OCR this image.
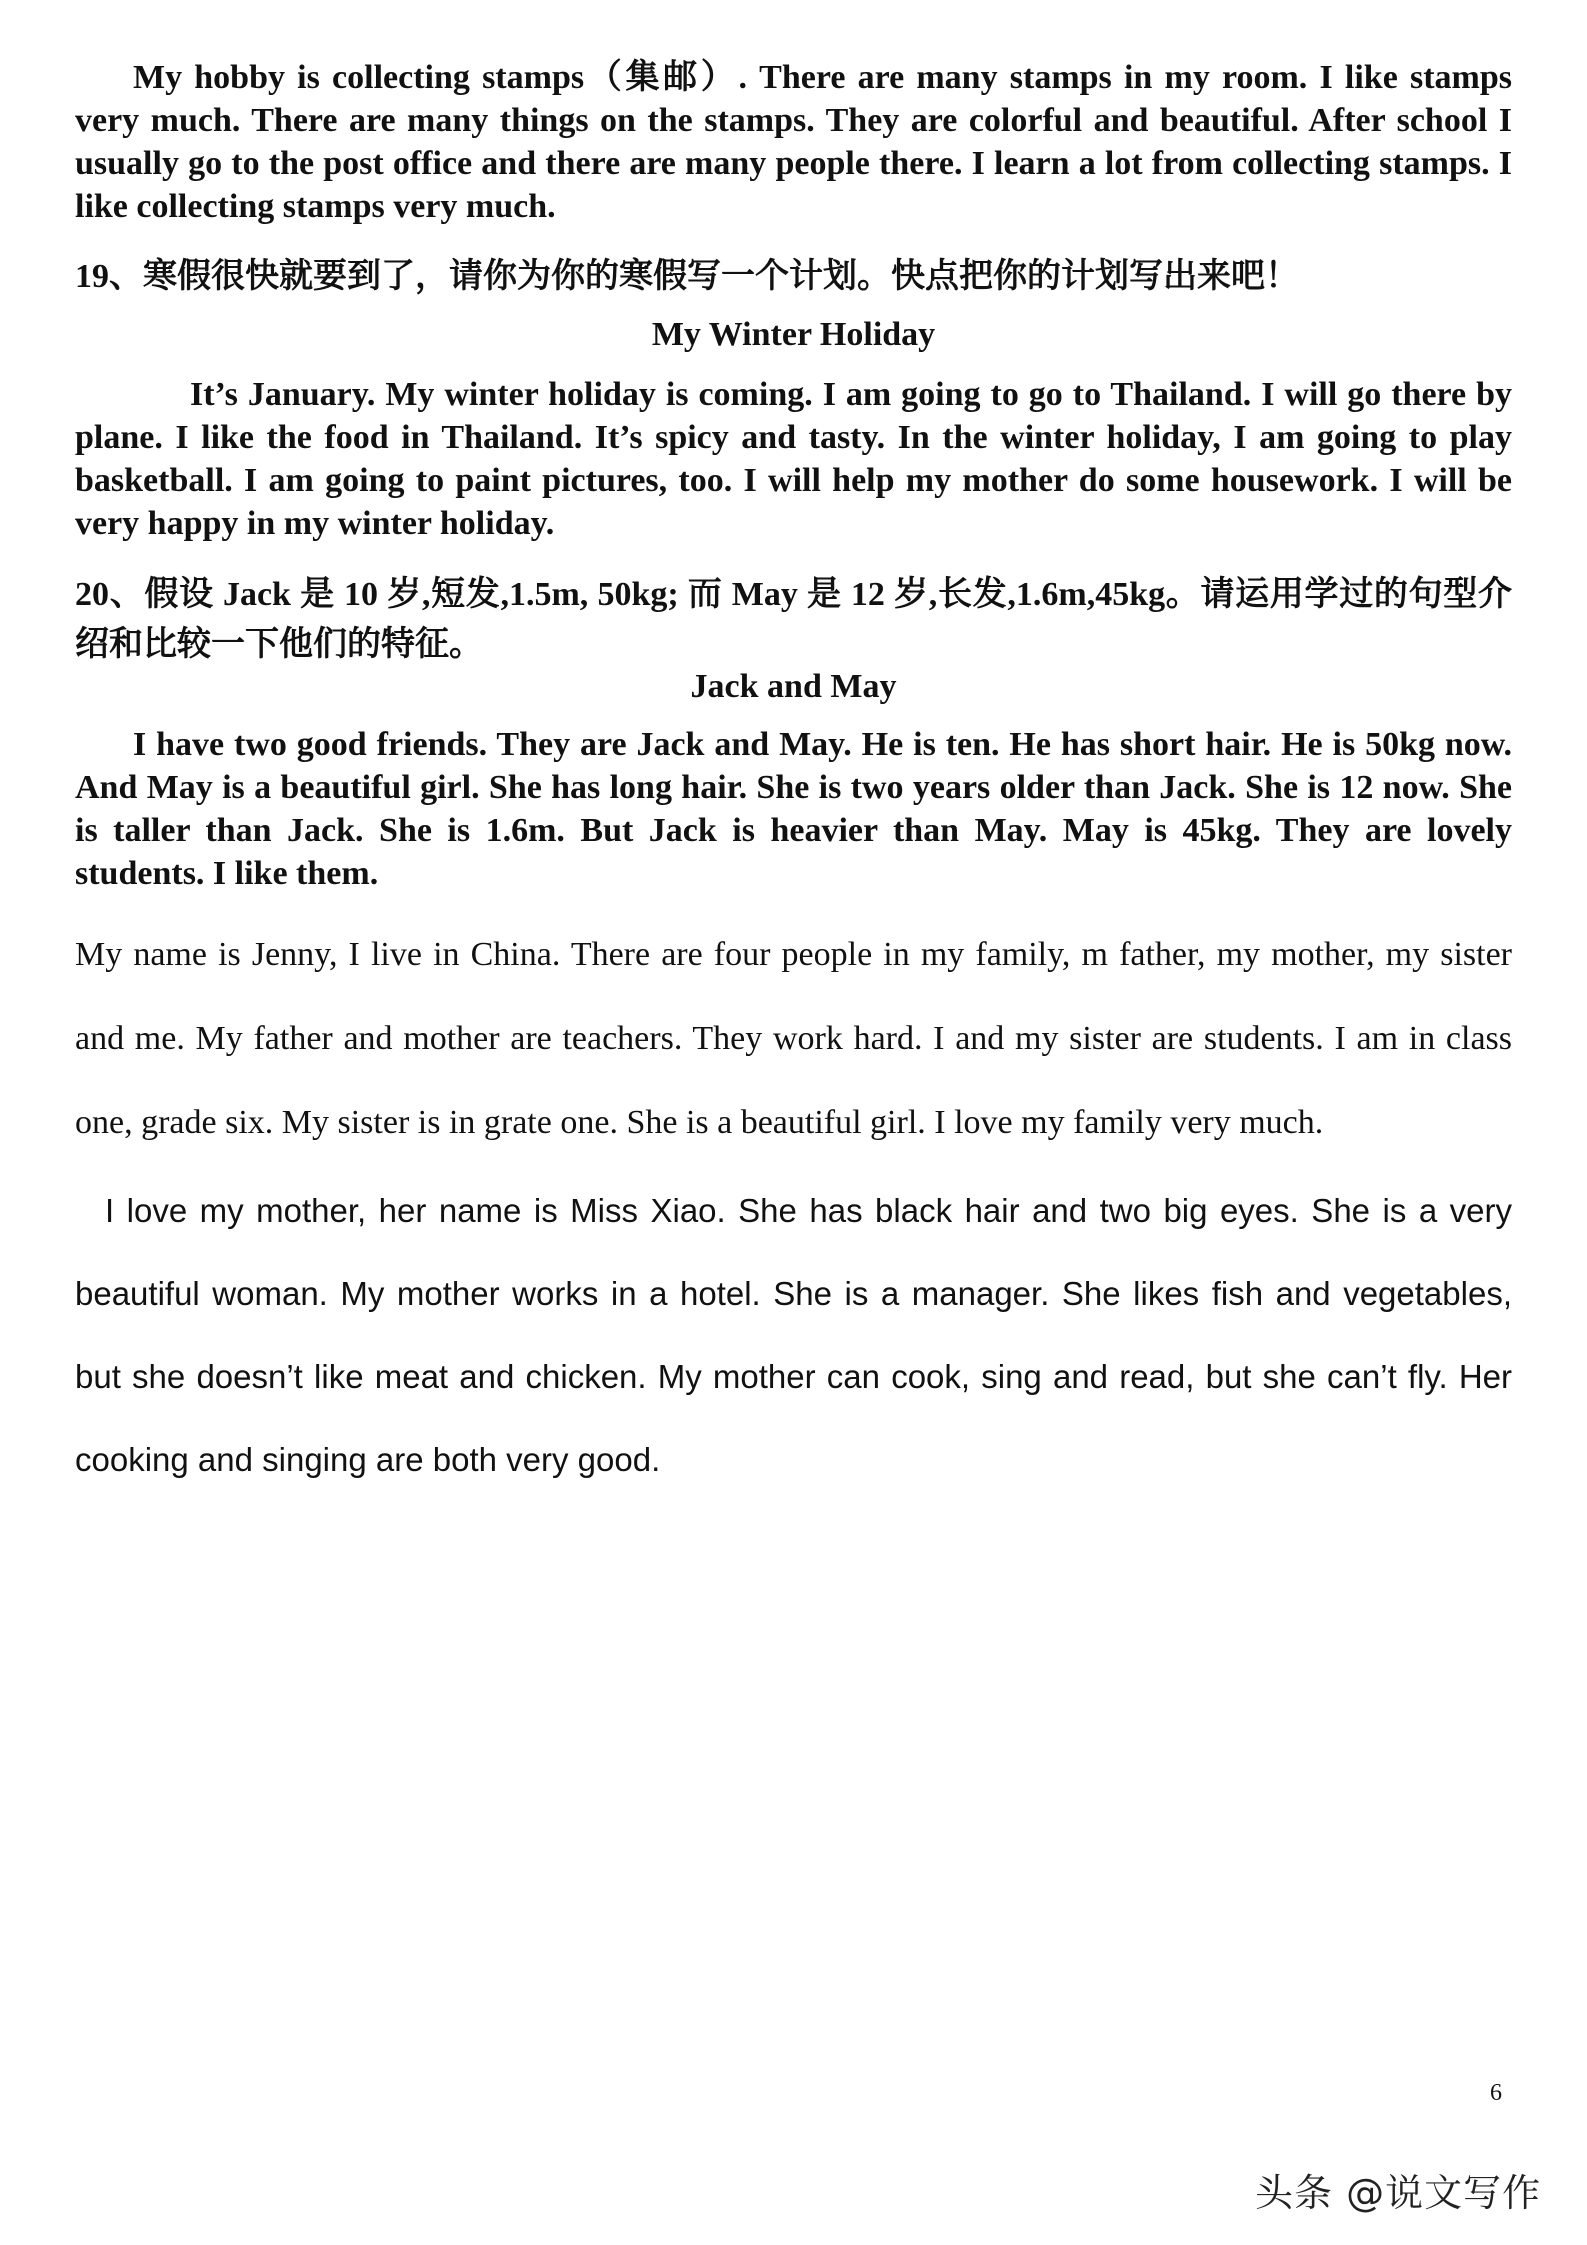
My hobby is collecting stamps（集邮）. There are many stamps in my room. I like stamps very much. There are many things on the stamps. They are colorful and beautiful. After school I usually go to the post office and there are many people there. I learn a lot from collecting stamps. I like collecting stamps very much.

19、寒假很快就要到了，请你为你的寒假写一个计划。快点把你的计划写出来吧！

My Winter Holiday

It’s January. My winter holiday is coming. I am going to go to Thailand. I will go there by plane. I like the food in Thailand. It’s spicy and tasty. In the winter holiday, I am going to play basketball. I am going to paint pictures, too. I will help my mother do some housework. I will be very happy in my winter holiday.

20、假设 Jack 是 10 岁,短发,1.5m, 50kg; 而 May 是 12 岁,长发,1.6m,45kg。请运用学过的句型介绍和比较一下他们的特征。

Jack and May

I have two good friends. They are Jack and May. He is ten. He has short hair. He is 50kg now. And May is a beautiful girl. She has long hair. She is two years older than Jack. She is 12 now. She is taller than Jack. She is 1.6m. But Jack is heavier than May. May is 45kg. They are lovely students. I like them.

My name is Jenny, I live in China. There are four people in my family, m father, my mother, my sister and me. My father and mother are teachers. They work hard. I and my sister are students. I am in class one, grade six. My sister is in grate one. She is a beautiful girl. I love my family very much.

I love my mother, her name is Miss Xiao. She has black hair and two big eyes. She is a very beautiful woman. My mother works in a hotel. She is a manager. She likes fish and vegetables, but she doesn’t like meat and chicken. My mother can cook, sing and read, but she can’t fly. Her cooking and singing are both very good.

6

头条 @说文写作
